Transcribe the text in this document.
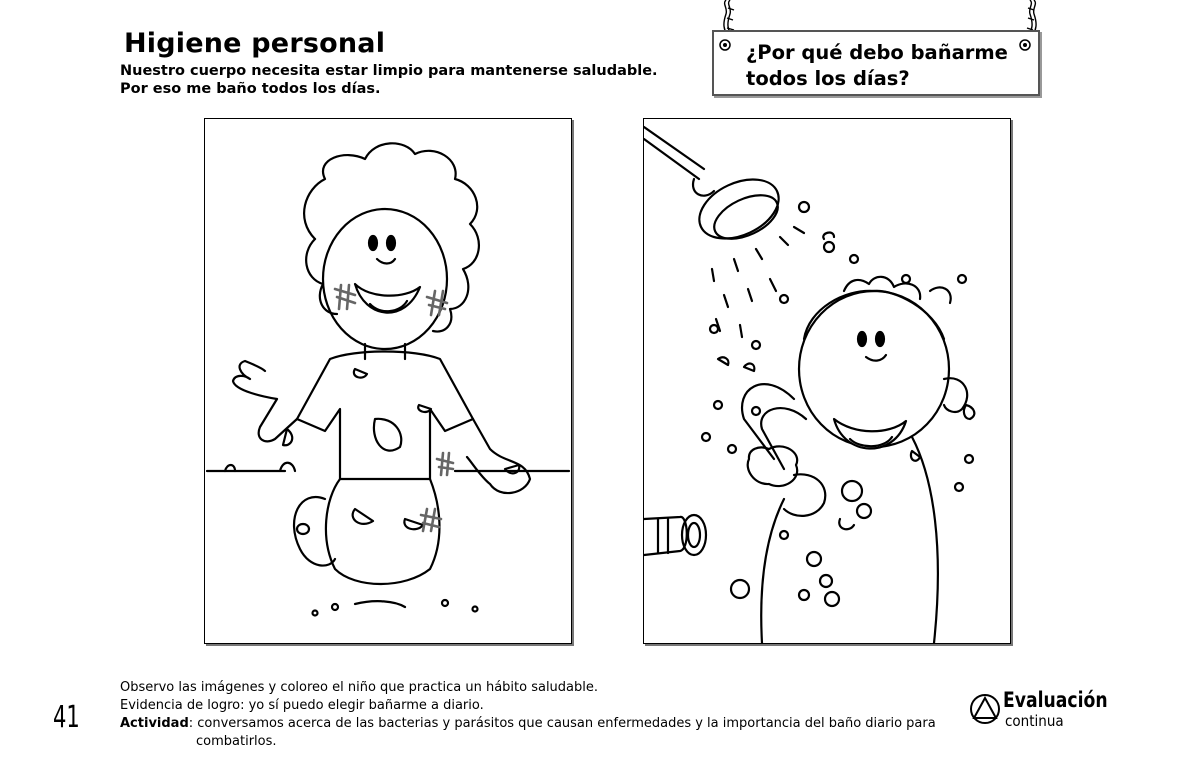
Higiene personal
Nuestro cuerpo necesita estar limpio para mantenerse saludable. Por eso me baño todos los días.
¿Por qué debo bañarme
todos los días?
41
Observo las imágenes y coloreo el niño que practica un hábito saludable.
Evidencia de logro: yo sí puedo elegir bañarme a diario.
Actividad: conversamos acerca de las bacterias y parásitos que causan enfermedades y la importancia del baño diario para
combatirlos.
Evaluación
continua
